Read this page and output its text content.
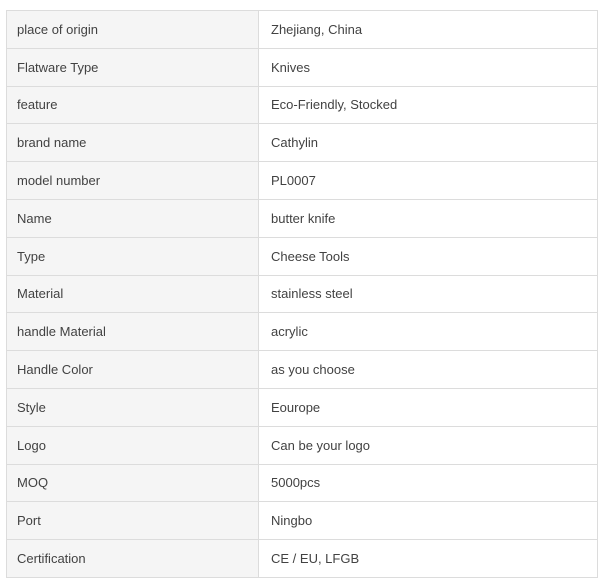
place of origin	Zhejiang, China
Flatware Type	Knives
feature	Eco-Friendly, Stocked
brand name	Cathylin
model number	PL0007
Name	butter knife
Type	Cheese Tools
Material	stainless steel
handle Material	acrylic
Handle Color	as you choose
Style	Eourope
Logo	Can be your logo
MOQ	5000pcs
Port	Ningbo
Certification	CE / EU, LFGB
